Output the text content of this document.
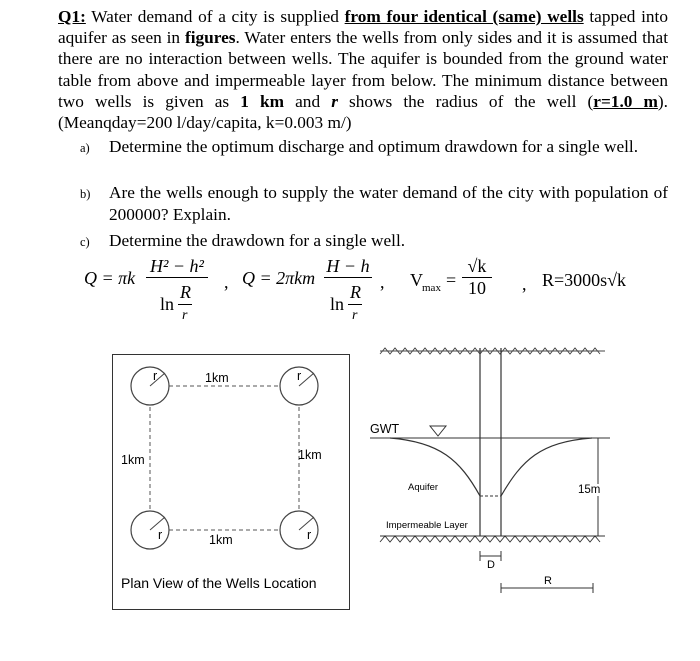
Q1: Water demand of a city is supplied from four identical (same) wells tapped into aquifer as seen in figures. Water enters the wells from only sides and it is assumed that there are no interaction between wells. The aquifer is bounded from the ground water table from above and impermeable layer from below. The minimum distance between two wells is given as 1 km and r shows the radius of the well (r=1.0 m). (Meanqday=200 l/day/capita, k=0.003 m/)
a) Determine the optimum discharge and optimum drawdown for a single well.
b) Are the wells enough to supply the water demand of the city with population of 200000? Explain.
c) Determine the drawdown for a single well.
Q = πk
H² − h²
ln
R
r
, Q = 2πkm
H − h
ln
R
r
, V $\max = \frac{√k}{10}$ , R=3000s√k
r	r
r	r
1km
1km	1km
1km
Plan View of the Wells Location
GWT
Aquifer
Impermeable Layer
15m
D
R
